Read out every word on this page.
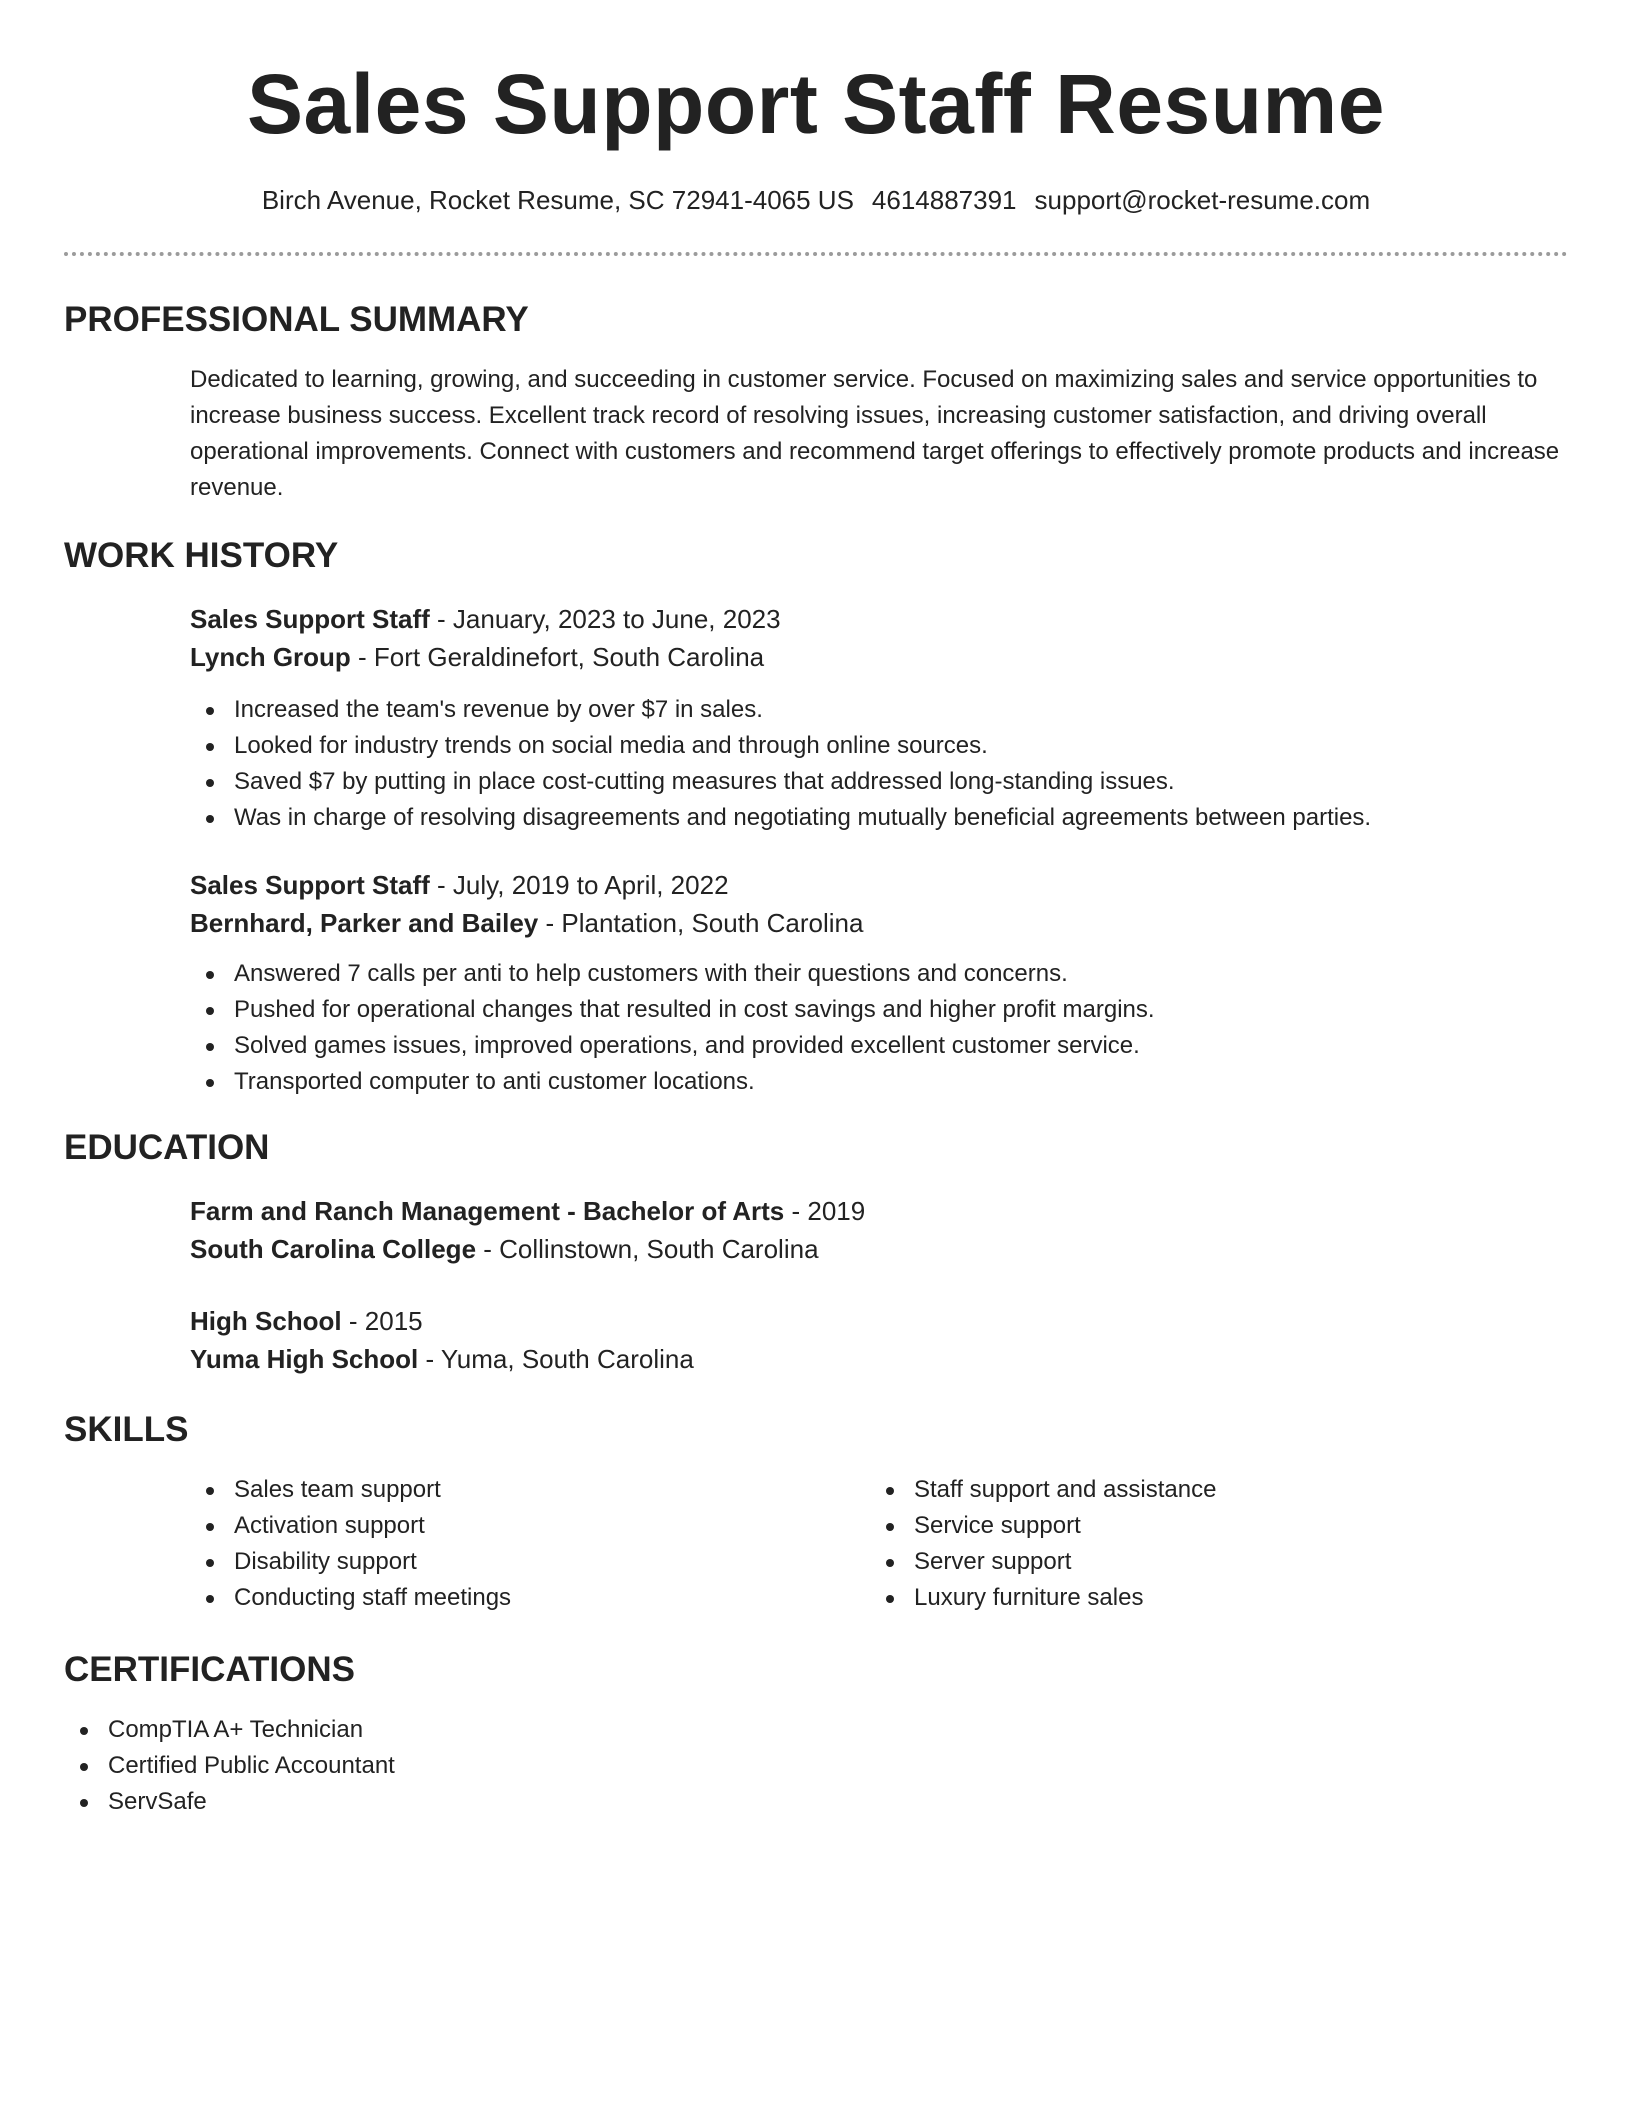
Sales Support Staff Resume
Birch Avenue, Rocket Resume, SC 72941-4065 US 4614887391 support@rocket-resume.com
PROFESSIONAL SUMMARY

Dedicated to learning, growing, and succeeding in customer service. Focused on maximizing sales and service opportunities to increase business success. Excellent track record of resolving issues, increasing customer satisfaction, and driving overall operational improvements. Connect with customers and recommend target offerings to effectively promote products and increase revenue.

WORK HISTORY
Sales Support Staff - January, 2023 to June, 2023
Lynch Group - Fort Geraldinefort, South Carolina
Increased the team's revenue by over $7 in sales.
Looked for industry trends on social media and through online sources.
Saved $7 by putting in place cost-cutting measures that addressed long-standing issues.
Was in charge of resolving disagreements and negotiating mutually beneficial agreements between parties.
Sales Support Staff - July, 2019 to April, 2022
Bernhard, Parker and Bailey - Plantation, South Carolina
Answered 7 calls per anti to help customers with their questions and concerns.
Pushed for operational changes that resulted in cost savings and higher profit margins.
Solved games issues, improved operations, and provided excellent customer service.
Transported computer to anti customer locations.
EDUCATION
Farm and Ranch Management - Bachelor of Arts - 2019
South Carolina College - Collinstown, South Carolina
High School - 2015
Yuma High School - Yuma, South Carolina
SKILLS
Sales team support
Activation support
Disability support
Conducting staff meetings
Staff support and assistance
Service support
Server support
Luxury furniture sales
CERTIFICATIONS
CompTIA A+ Technician
Certified Public Accountant
ServSafe
